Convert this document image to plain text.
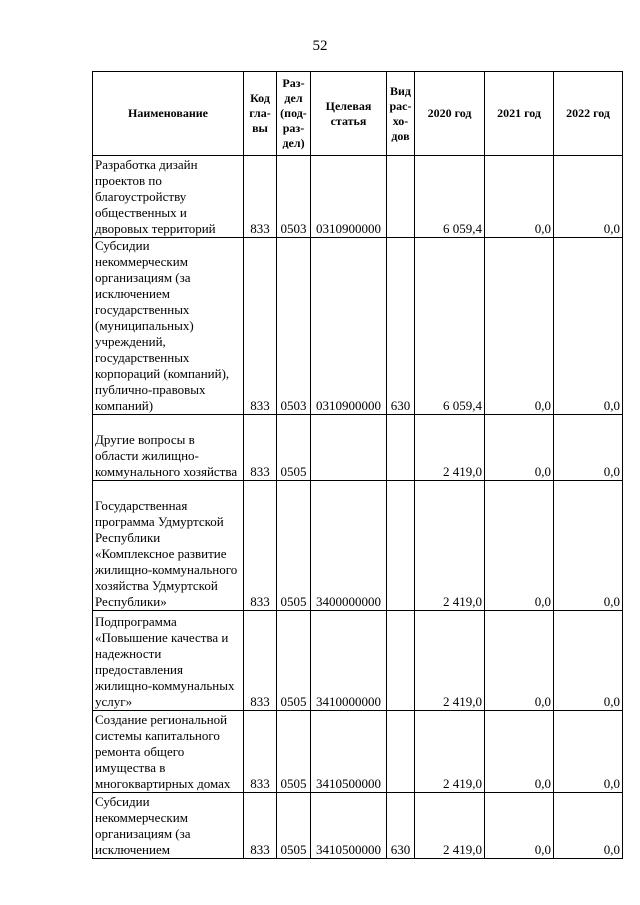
52
Наименование	Код гла-вы	Раз-дел (под-раз-дел)	Целевая статья	Вид рас-хо-дов	2020 год	2021 год	2022 год
Разработка дизайн проектов по благоустройству общественных и дворовых территорий	833	0503	0310900000		6 059,4	0,0	0,0
Субсидии некоммерческим организациям (за исключением государственных (муниципальных) учреждений, государственных корпораций (компаний), публично-правовых компаний)	833	0503	0310900000	630	6 059,4	0,0	0,0
Другие вопросы в области жилищно-коммунального хозяйства	833	0505			2 419,0	0,0	0,0
Государственная программа Удмуртской Республики «Комплексное развитие жилищно-коммунального хозяйства Удмуртской Республики»	833	0505	3400000000		2 419,0	0,0	0,0
Подпрограмма «Повышение качества и надежности предоставления жилищно-коммунальных услуг»	833	0505	3410000000		2 419,0	0,0	0,0
Создание региональной системы капитального ремонта общего имущества в многоквартирных домах	833	0505	3410500000		2 419,0	0,0	0,0
Субсидии некоммерческим организациям (за исключением	833	0505	3410500000	630	2 419,0	0,0	0,0
